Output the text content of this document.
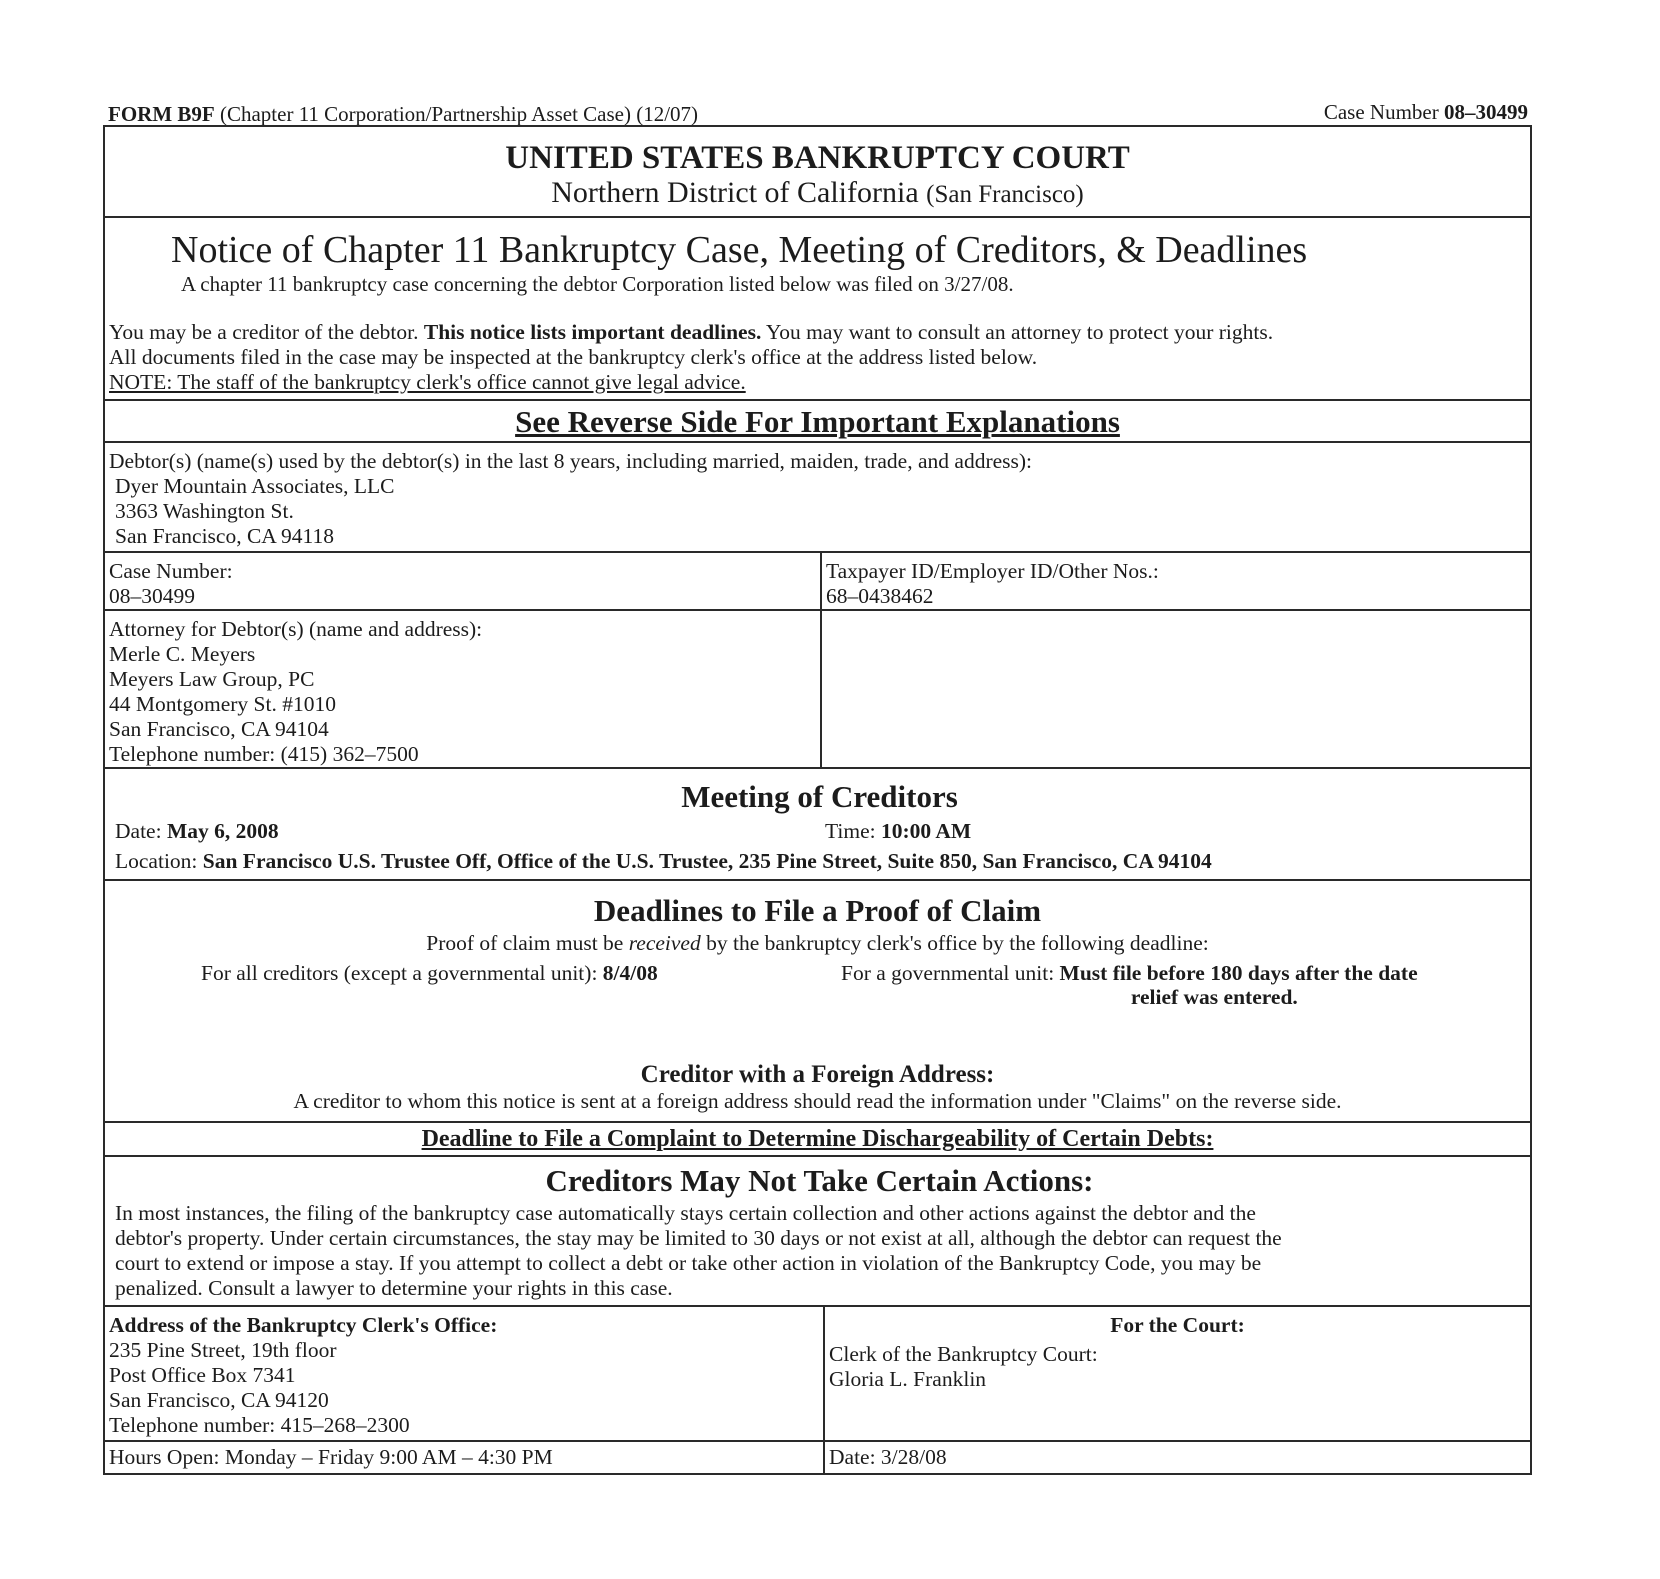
FORM B9F (Chapter 11 Corporation/Partnership Asset Case) (12/07)	Case Number 08–30499
UNITED STATES BANKRUPTCY COURT
Northern District of California (San Francisco)
Notice of Chapter 11 Bankruptcy Case, Meeting of Creditors, & Deadlines
A chapter 11 bankruptcy case concerning the debtor Corporation listed below was filed on 3/27/08.
You may be a creditor of the debtor. This notice lists important deadlines. You may want to consult an attorney to protect your rights.
All documents filed in the case may be inspected at the bankruptcy clerk's office at the address listed below.
NOTE: The staff of the bankruptcy clerk's office cannot give legal advice.
See Reverse Side For Important Explanations
Debtor(s) (name(s) used by the debtor(s) in the last 8 years, including married, maiden, trade, and address):
Dyer Mountain Associates, LLC
3363 Washington St.
San Francisco, CA 94118
Case Number:
08–30499
Taxpayer ID/Employer ID/Other Nos.:
68–0438462
Attorney for Debtor(s) (name and address):
Merle C. Meyers
Meyers Law Group, PC
44 Montgomery St. #1010
San Francisco, CA 94104
Telephone number: (415) 362–7500
Meeting of Creditors
Date: May 6, 2008	Time: 10:00 AM
Location: San Francisco U.S. Trustee Off, Office of the U.S. Trustee, 235 Pine Street, Suite 850, San Francisco, CA 94104
Deadlines to File a Proof of Claim
Proof of claim must be received by the bankruptcy clerk's office by the following deadline:
For all creditors (except a governmental unit): 8/4/08	For a governmental unit: Must file before 180 days after the date
relief was entered.
Creditor with a Foreign Address:
A creditor to whom this notice is sent at a foreign address should read the information under "Claims" on the reverse side.
Deadline to File a Complaint to Determine Dischargeability of Certain Debts:
Creditors May Not Take Certain Actions:
In most instances, the filing of the bankruptcy case automatically stays certain collection and other actions against the debtor and the
debtor's property. Under certain circumstances, the stay may be limited to 30 days or not exist at all, although the debtor can request the
court to extend or impose a stay. If you attempt to collect a debt or take other action in violation of the Bankruptcy Code, you may be
penalized. Consult a lawyer to determine your rights in this case.
Address of the Bankruptcy Clerk's Office:
235 Pine Street, 19th floor
Post Office Box 7341
San Francisco, CA 94120
Telephone number: 415–268–2300
For the Court:
Clerk of the Bankruptcy Court:
Gloria L. Franklin
Hours Open: Monday – Friday 9:00 AM – 4:30 PM	Date: 3/28/08
